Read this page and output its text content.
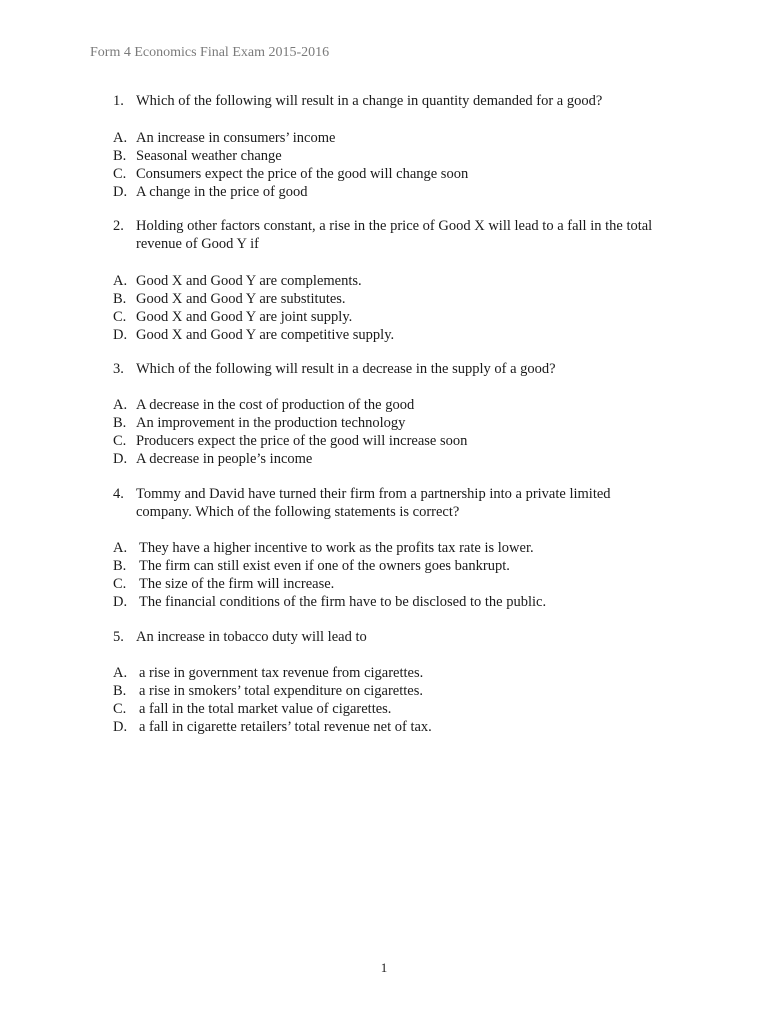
Form 4 Economics Final Exam 2015-2016
1. Which of the following will result in a change in quantity demanded for a good?
A. An increase in consumers’ income
B. Seasonal weather change
C. Consumers expect the price of the good will change soon
D. A change in the price of good
2. Holding other factors constant, a rise in the price of Good X will lead to a fall in the total revenue of Good Y if
A. Good X and Good Y are complements.
B. Good X and Good Y are substitutes.
C. Good X and Good Y are joint supply.
D. Good X and Good Y are competitive supply.
3. Which of the following will result in a decrease in the supply of a good?
A. A decrease in the cost of production of the good
B. An improvement in the production technology
C. Producers expect the price of the good will increase soon
D. A decrease in people’s income
4. Tommy and David have turned their firm from a partnership into a private limited company. Which of the following statements is correct?
A. They have a higher incentive to work as the profits tax rate is lower.
B. The firm can still exist even if one of the owners goes bankrupt.
C. The size of the firm will increase.
D. The financial conditions of the firm have to be disclosed to the public.
5. An increase in tobacco duty will lead to
A. a rise in government tax revenue from cigarettes.
B. a rise in smokers’ total expenditure on cigarettes.
C. a fall in the total market value of cigarettes.
D. a fall in cigarette retailers’ total revenue net of tax.
1
